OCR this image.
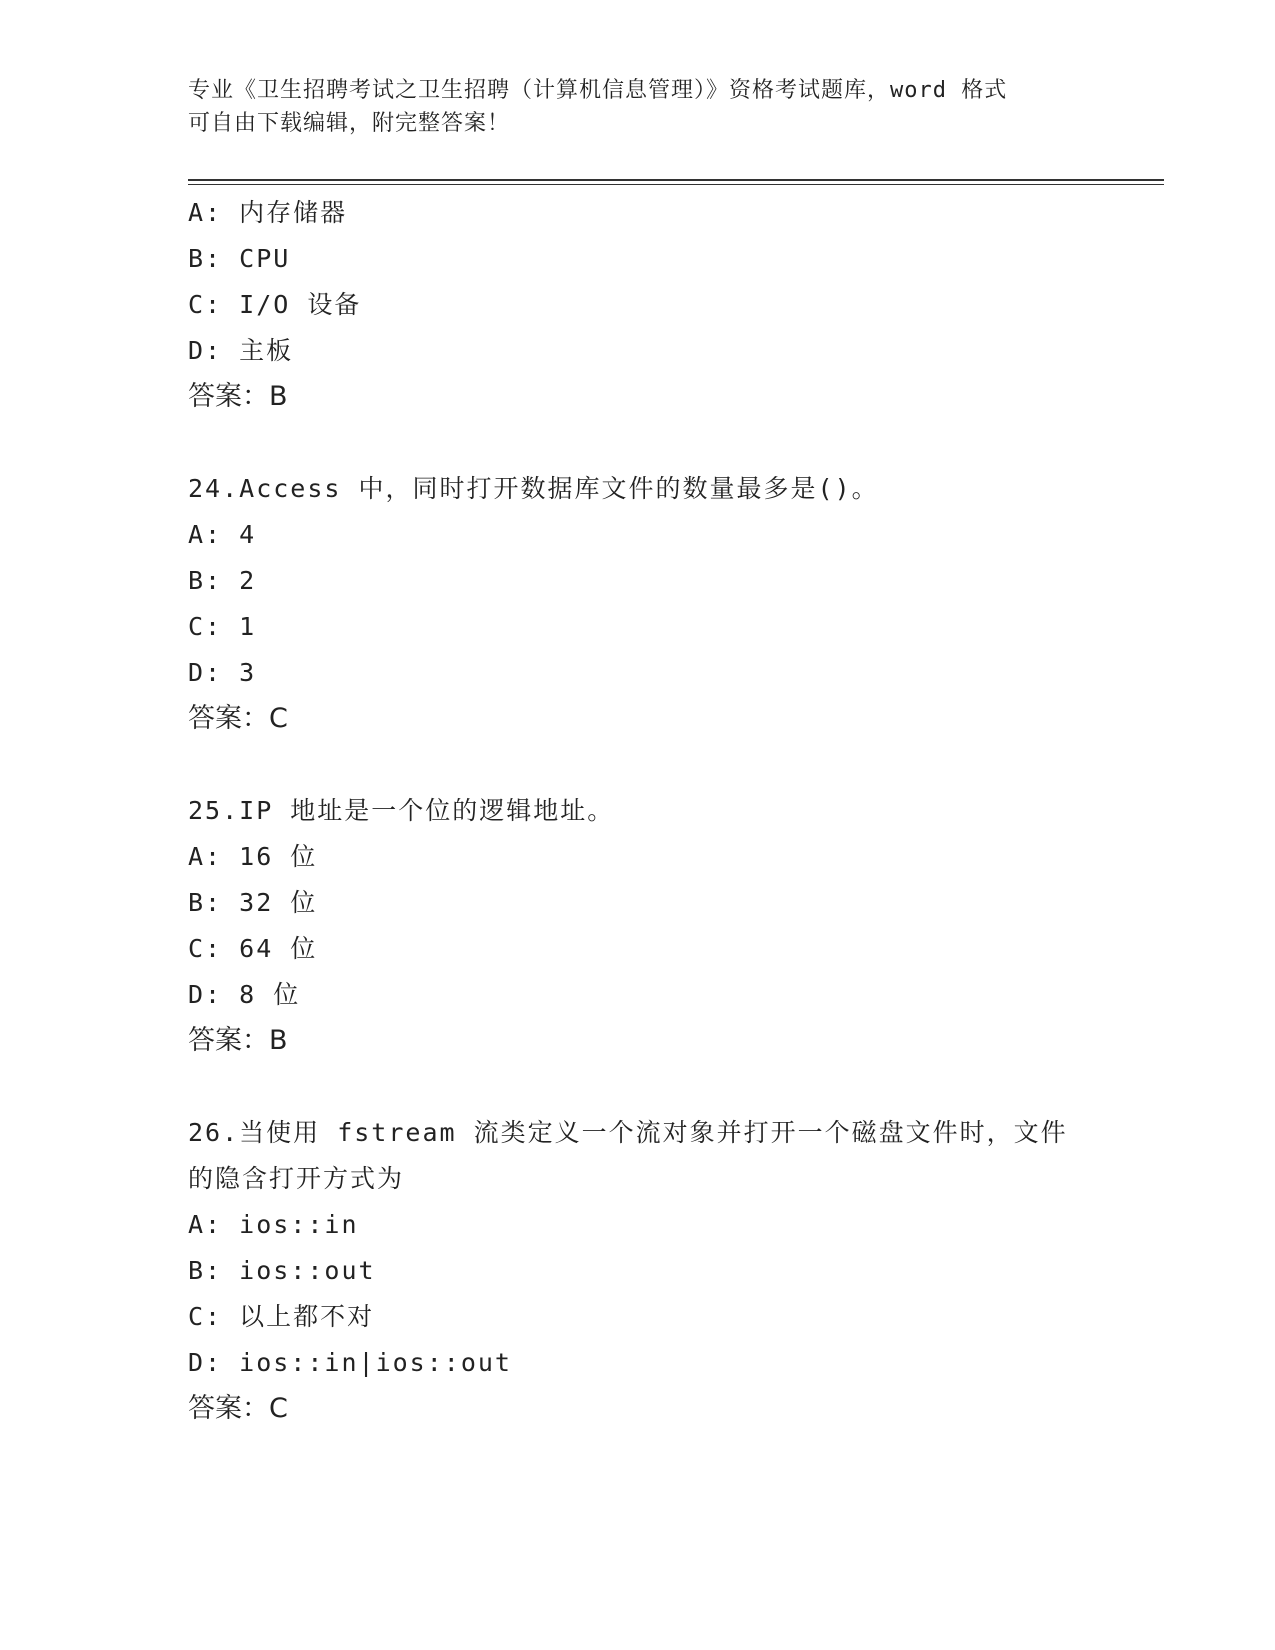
专业《卫生招聘考试之卫生招聘（计算机信息管理）》资格考试题库，word 格式
可自由下载编辑，附完整答案！
A: 内存储器
B: CPU
C: I/O 设备
D: 主板
答案：B
24.Access 中，同时打开数据库文件的数量最多是()。
A: 4
B: 2
C: 1
D: 3
答案：C
25.IP 地址是一个位的逻辑地址。
A: 16 位
B: 32 位
C: 64 位
D: 8 位
答案：B
26.当使用 fstream 流类定义一个流对象并打开一个磁盘文件时，文件的隐含打开方式为
A: ios::in
B: ios::out
C: 以上都不对
D: ios::in|ios::out
答案：C
